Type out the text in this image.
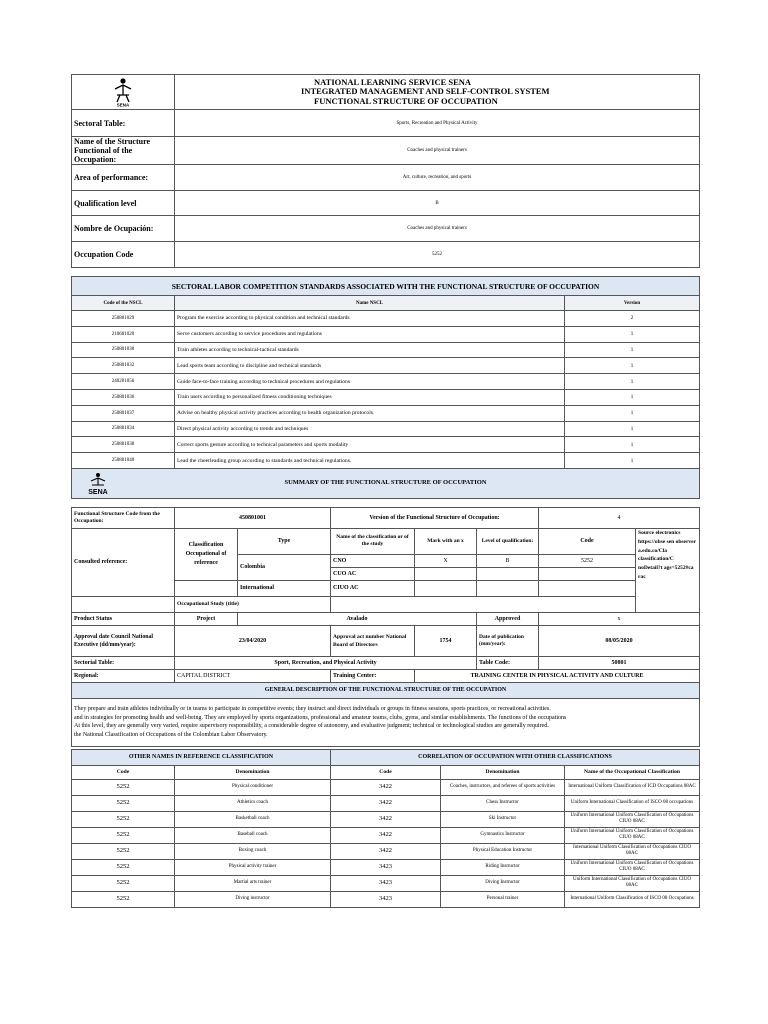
SENA	NATIONAL LEARNING SERVICE SENA
INTEGRATED MANAGEMENT AND SELF-CONTROL SYSTEM
FUNCTIONAL STRUCTURE OF OCCUPATION

Sectoral Table:	Sports, Recreation and Physical Activity
Name of the Structure Functional of the Occupation:	Coaches and physical trainers
Area of performance:	Art, culture, recreation, and sports
Qualification level	B
Nombre de Ocupación:	Coaches and physical trainers
Occupation Code	5252
SECTORAL LABOR COMPETITION STANDARDS ASSOCIATED WITH THE FUNCTIONAL STRUCTURE OF OCCUPATION		
Code of the NSCL	Name NSCL	Version
250801029	Program the exercise according to physical condition and technical standards	2
210601020	Serve customers according to service procedures and regulations	1
250801030	Train athletes according to technical-tactical standards	1
250801032	Lead sports team according to discipline and technical standards	1
240201056	Guide face-to-face training according to technical procedures and regulations	1
250801036	Train users according to personalized fitness conditioning techniques	1
250801037	Advise on healthy physical activity practices according to health organization protocols.	1
250801034	Direct physical activity according to trends and techniques	1
250801038	Correct sports gesture according to technical parameters and sports modality	1
250801040	Lead the cheerleading group according to standards and technical regulations.	1
SENA
SUMMARY OF THE FUNCTIONAL STRUCTURE OF OCCUPATION
Functional Structure Code from the Occupation:	450801001		Version of the Functional Structure of Occupation:			4	
Consulted reference:	Classification Occupational of reference	Type	Name of the classification or of the study	Mark with an x	Level of qualification:	Code	Source electronics https://obse sen observer a.edu.co/Cla classification/C noDetail?t ags=5252#ca rac
		Colombia	CNO	X	B	5252	
			CUO AC				
		International	CIUO AC				
	Occupational Study (title)						
Product Status	Project	Avalado			Approved	x	
Approval date Council National Executive (dd/mm/year):	23/04/2020		Approval act number National Board of Directors	1754	Date of publication (mm/year):	08/05/2020	
Sectorial Table:	Sport, Recreation, and Physical Activity				Table Code:	50801	
Regional:	CAPITAL DISTRICT		Training Center:	TRAINING CENTER IN PHYSICAL ACTIVITY AND CULTURE			
GENERAL DESCRIPTION OF THE FUNCTIONAL STRUCTURE OF THE OCCUPATION							

They prepare and train athletes individually or in teams to participate in competitive events; they instruct and direct individuals or groups in fitness sessions, sports practices, or recreational activities.
and in strategies for promoting health and well-being. They are employed by sports organizations, professional and amateur teams, clubs, gyms, and similar establishments. The functions of the occupations
At this level, they are generally very varied, require supervisory responsibility, a considerable degree of autonomy, and evaluative judgment; technical or technological studies are generally required.
the National Classification of Occupations of the Colombian Labor Observatory.							
OTHER NAMES IN REFERENCE CLASSIFICATION		CORRELATION OF OCCUPATION WITH OTHER CLASSIFICATIONS		
Code	Denomination	Code	Denomination	Name of the Occupational Classification
5252	Physical conditioner	3422	Coaches, instructors, and referees of sports activities	International Uniform Classification of ICD Occupations 08AC
5252	Athletics coach	3422	Chess Instructor	Uniform International Classification of ISCO 08 occupations
5252	Basketball coach	3422	Ski Instructor	Uniform International Uniform Classification of Occupations CIUO 08AC
5252	Baseball coach	3422	Gymnastics Instructor	Uniform International Uniform Classification of Occupations CIUO 08AC
5252	Boxing coach	3422	Physical Education Instructor	International Uniform Classification of Occupations CIUO 08AC
5252	Physical activity trainer	3423	Riding Instructor	Uniform International Uniform Classification of Occupations CIUO 08AC
5252	Martial arts trainer	3423	Diving Instructor	Uniform International Classification of Occupations CIUO 08AC
5252	Diving instructor	3423	Personal trainer	International Uniform Classification of ISCO 08 Occupations
